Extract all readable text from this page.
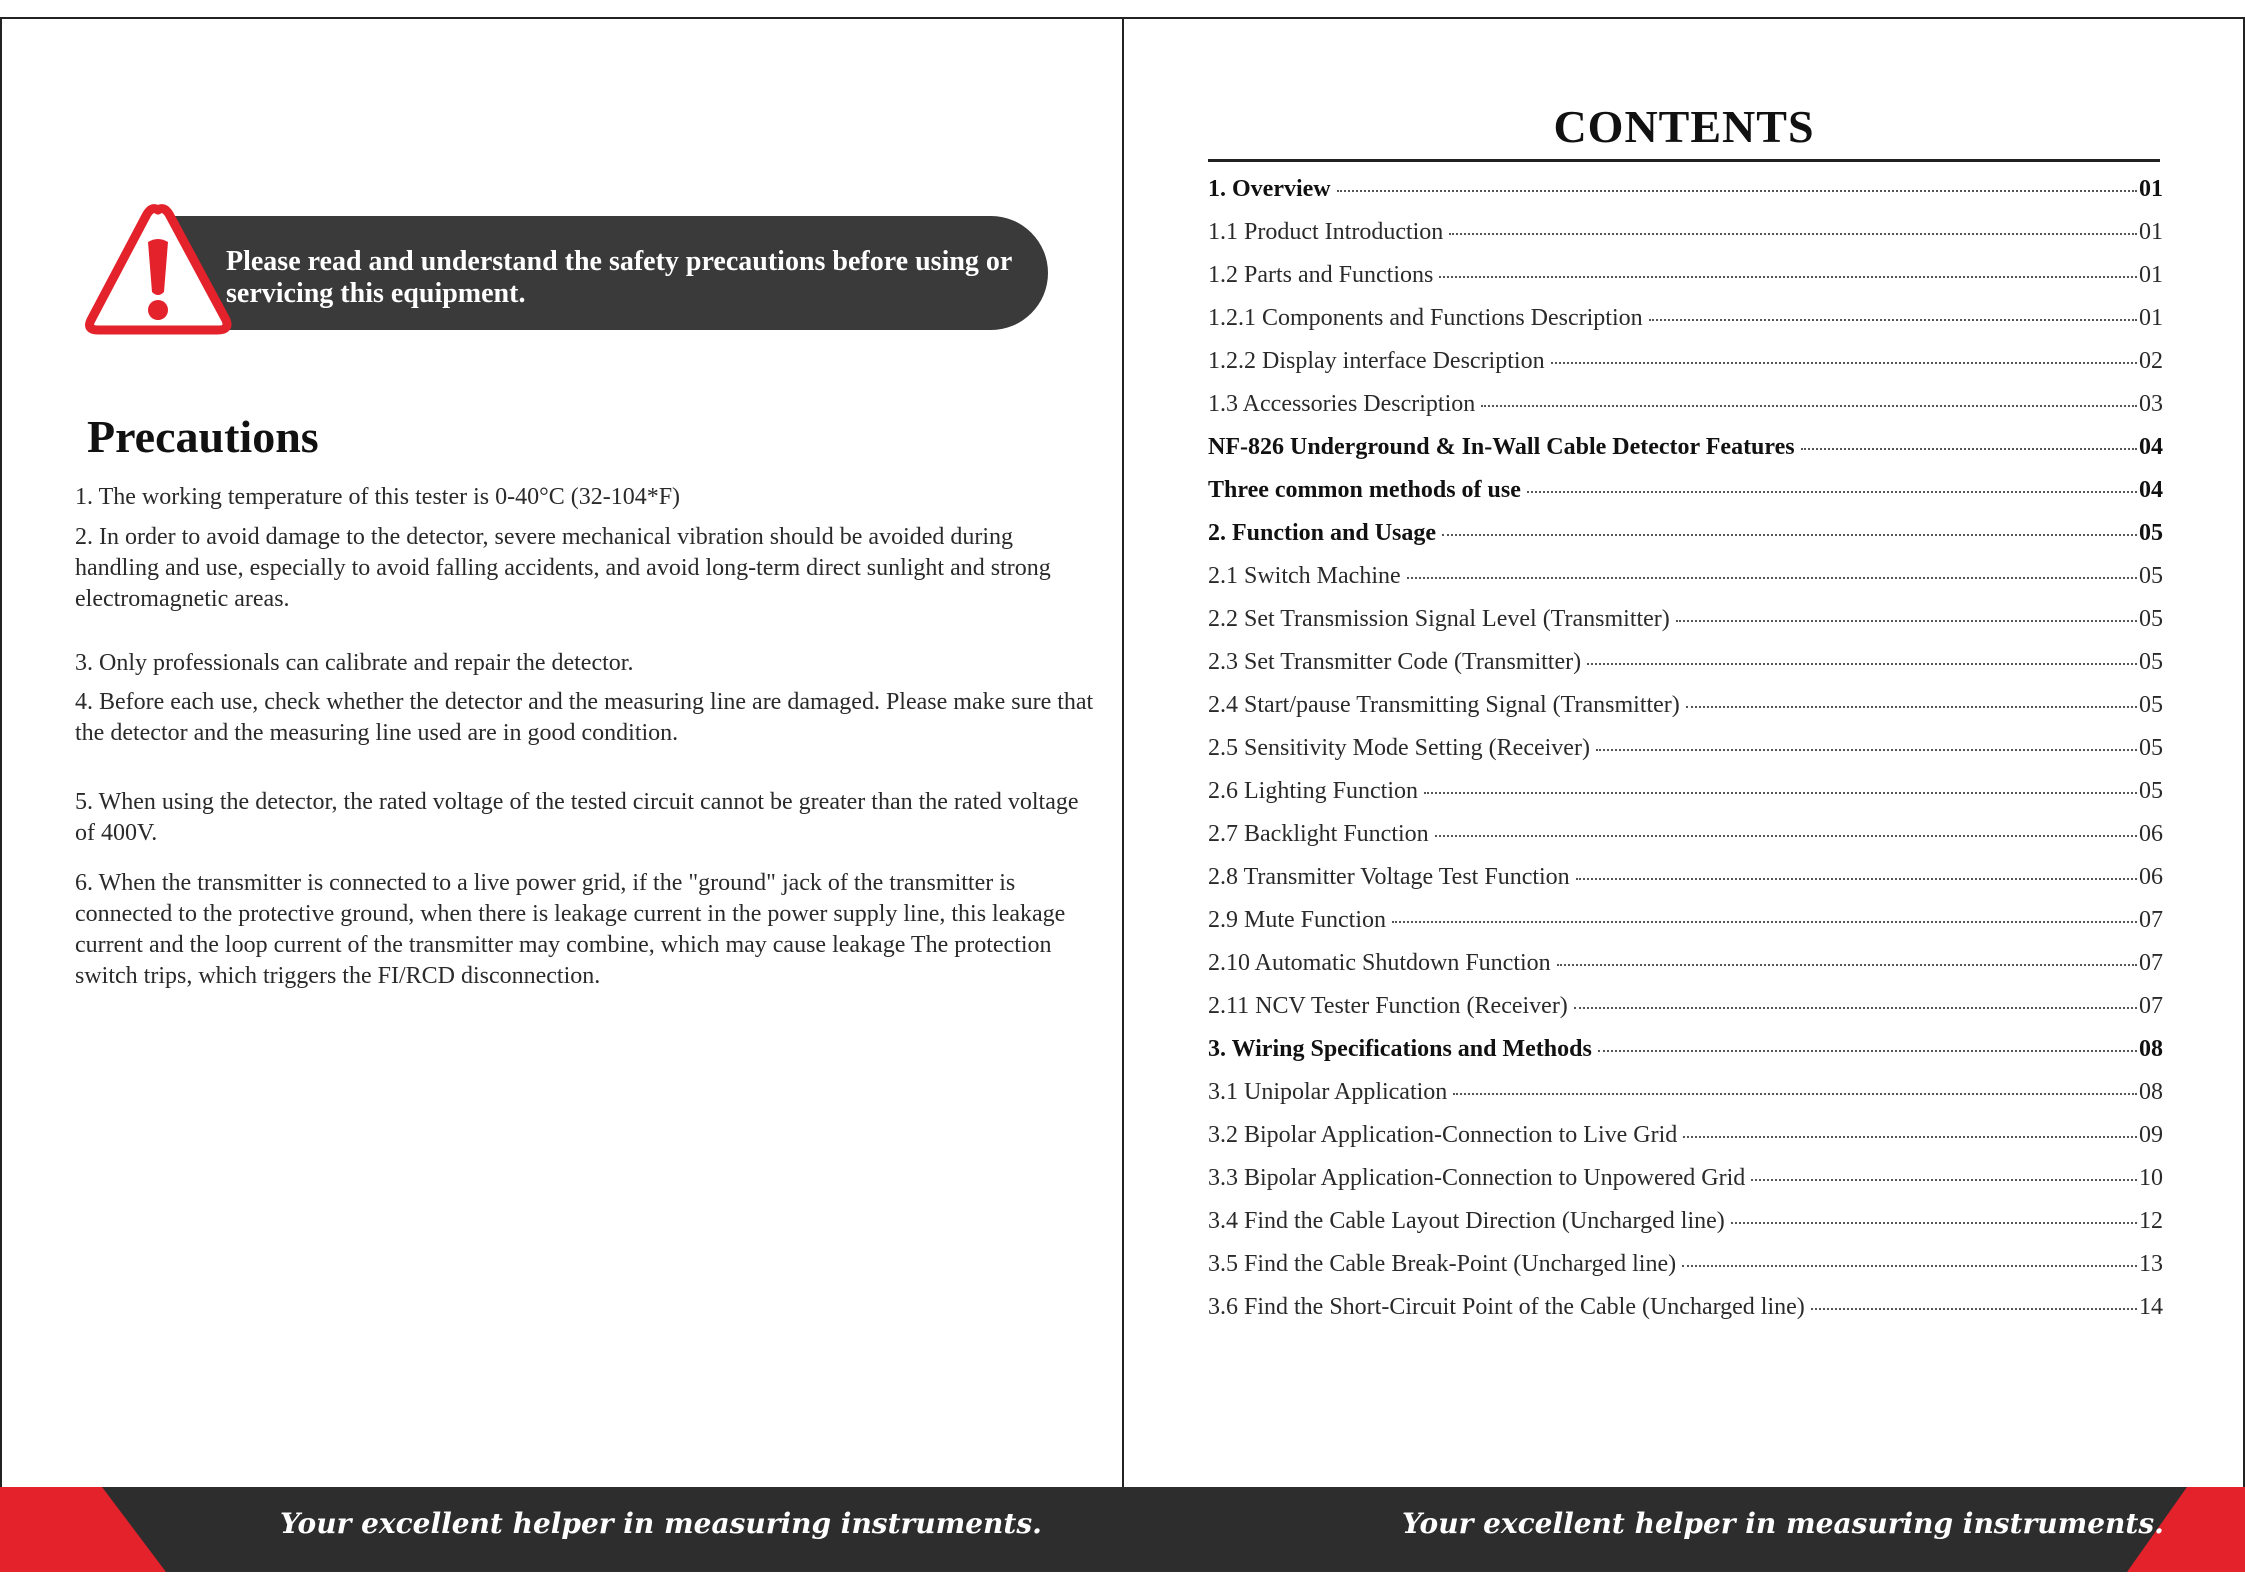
Please read and understand the safety precautions before using or servicing this equipment.
Precautions
1. The working temperature of this tester is 0-40°C (32-104*F)
2. In order to avoid damage to the detector, severe mechanical vibration should be avoided during handling and use, especially to avoid falling accidents, and avoid long-term direct sunlight and strong electromagnetic areas.
3. Only professionals can calibrate and repair the detector.
4. Before each use, check whether the detector and the measuring line are damaged. Please make sure that the detector and the measuring line used are in good condition.
5. When using the detector, the rated voltage of the tested circuit cannot be greater than the rated voltage of 400V.
6. When the transmitter is connected to a live power grid, if the "ground" jack of the transmitter is connected to the protective ground, when there is leakage current in the power supply line, this leakage current and the loop current of the transmitter may combine, which may cause leakage The protection switch trips, which triggers the FI/RCD disconnection.
CONTENTS
1. Overview	01
1.1 Product Introduction	01
1.2 Parts and Functions	01
1.2.1 Components and Functions Description	01
1.2.2 Display interface Description	02
1.3 Accessories Description	03
NF-826 Underground & In-Wall Cable Detector Features	04
Three common methods of use	04
2. Function and Usage	05
2.1 Switch Machine	05
2.2 Set Transmission Signal Level (Transmitter)	05
2.3 Set Transmitter Code (Transmitter)	05
2.4 Start/pause Transmitting Signal (Transmitter)	05
2.5 Sensitivity Mode Setting (Receiver)	05
2.6 Lighting Function	05
2.7 Backlight Function	06
2.8 Transmitter Voltage Test Function	06
2.9 Mute Function	07
2.10 Automatic Shutdown Function	07
2.11 NCV Tester Function (Receiver)	07
3. Wiring Specifications and Methods	08
3.1 Unipolar Application	08
3.2 Bipolar Application-Connection to Live Grid	09
3.3 Bipolar Application-Connection to Unpowered Grid	10
3.4 Find the Cable Layout Direction (Uncharged line)	12
3.5 Find the Cable Break-Point (Uncharged line)	13
3.6 Find the Short-Circuit Point of the Cable (Uncharged line)	14
Your excellent helper in measuring instruments.	Your excellent helper in measuring instruments.
